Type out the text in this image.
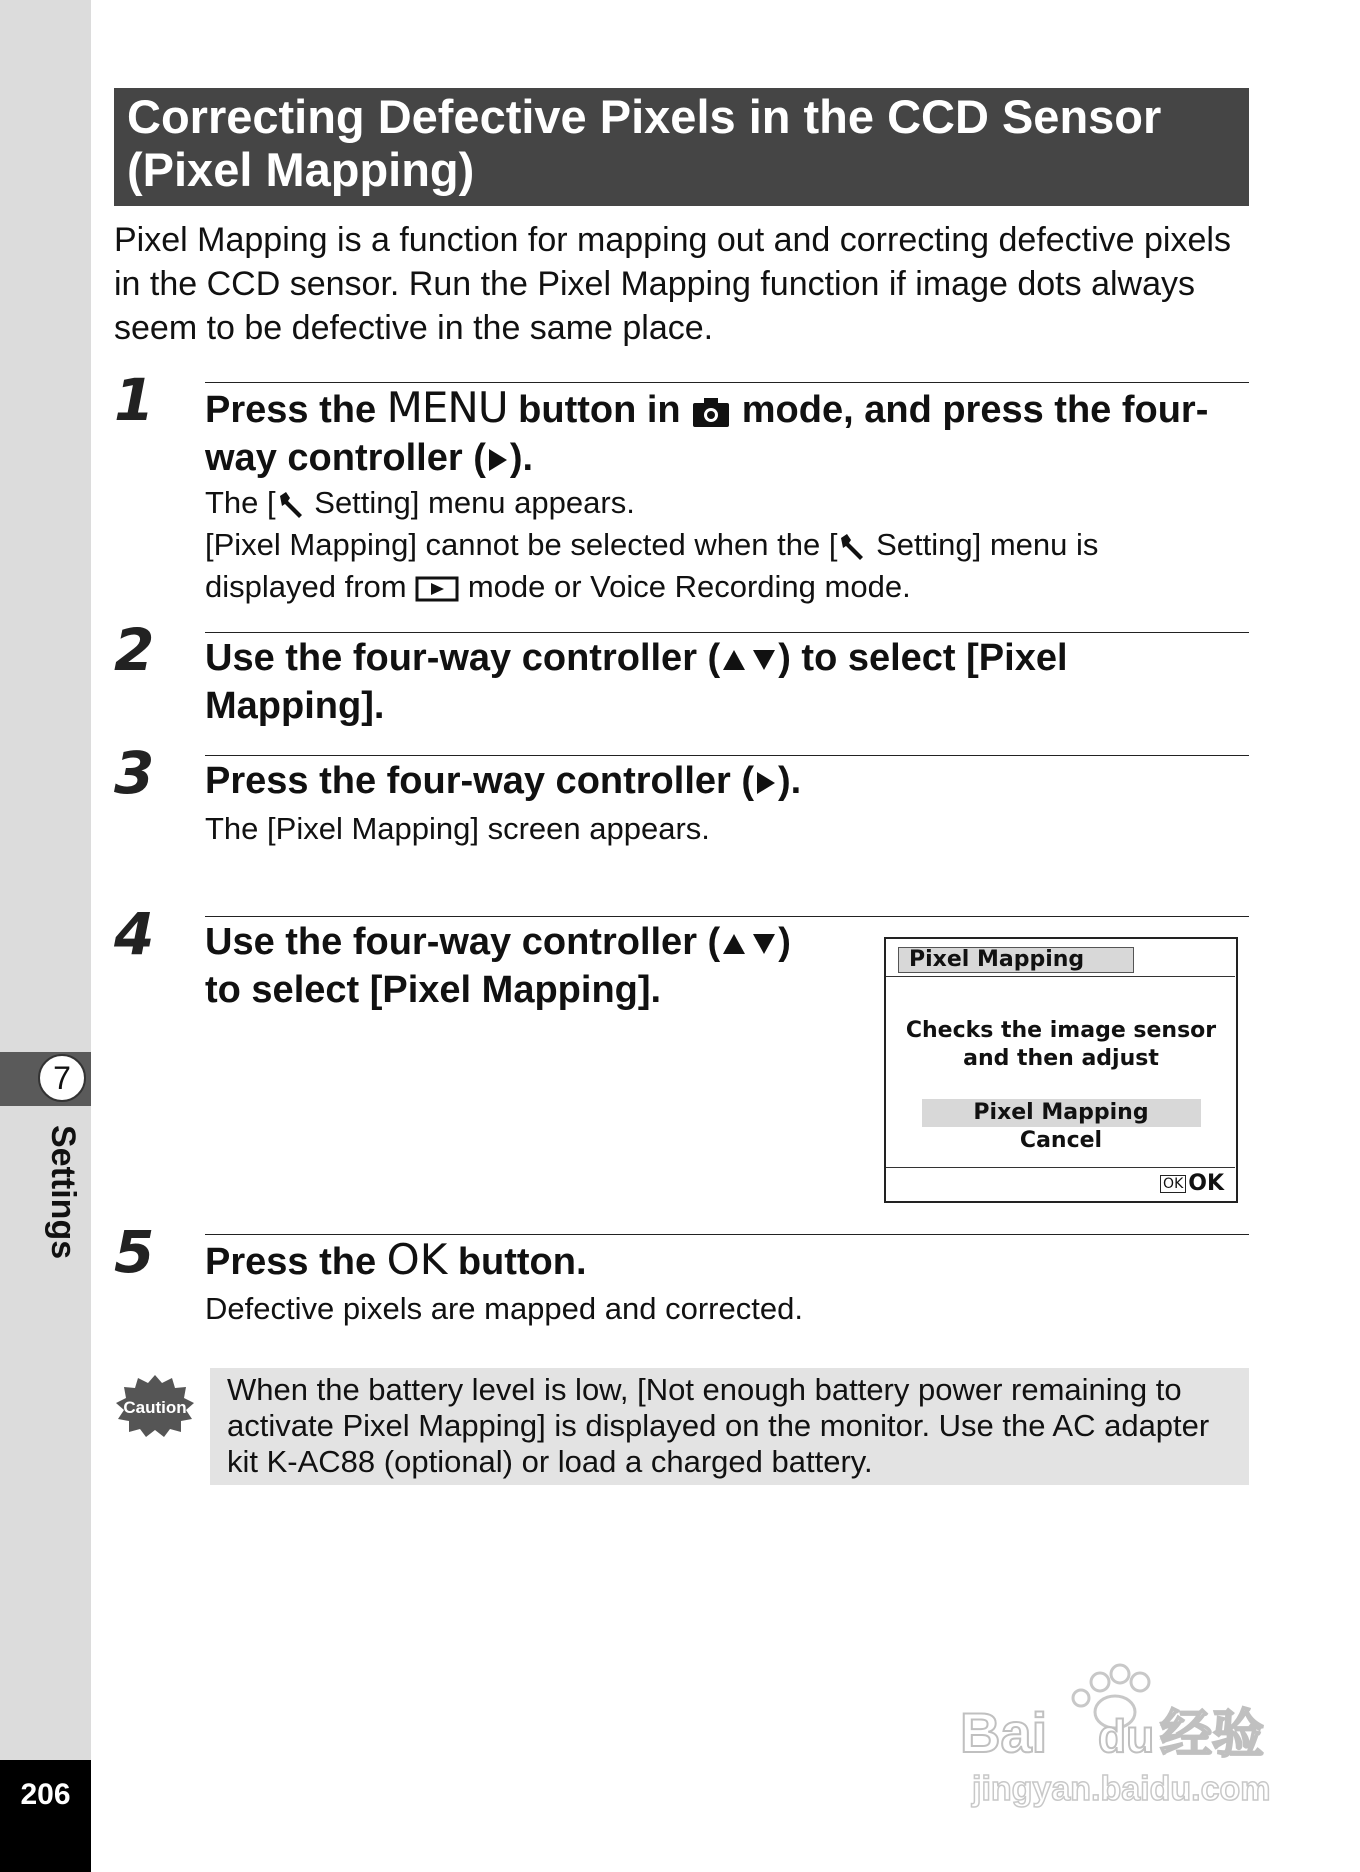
7
Settings
206
Correcting Defective Pixels in the CCD Sensor
(Pixel Mapping)
Pixel Mapping is a function for mapping out and correcting defective pixels in the CCD sensor. Run the Pixel Mapping function if image dots always seem to be defective in the same place.
1 Press the MENU button in  mode, and press the four-
way controller ( ).
The [ Setting] menu appears.
[Pixel Mapping] cannot be selected when the [ Setting] menu is
displayed from  mode or Voice Recording mode.
2 Use the four-way controller ( ) to select [Pixel
Mapping].
3 Press the four-way controller ( ).
The [Pixel Mapping] screen appears.
4 Use the four-way controller ( )
to select [Pixel Mapping].
Pixel Mapping
Checks the image sensor
and then adjust
Pixel Mapping
Cancel
OK OK
5 Press the OK button.
Defective pixels are mapped and corrected.
Caution
When the battery level is low, [Not enough battery power remaining to activate Pixel Mapping] is displayed on the monitor. Use the AC adapter kit K-AC88 (optional) or load a charged battery.
Bai du 经验
jingyan.baidu.com
